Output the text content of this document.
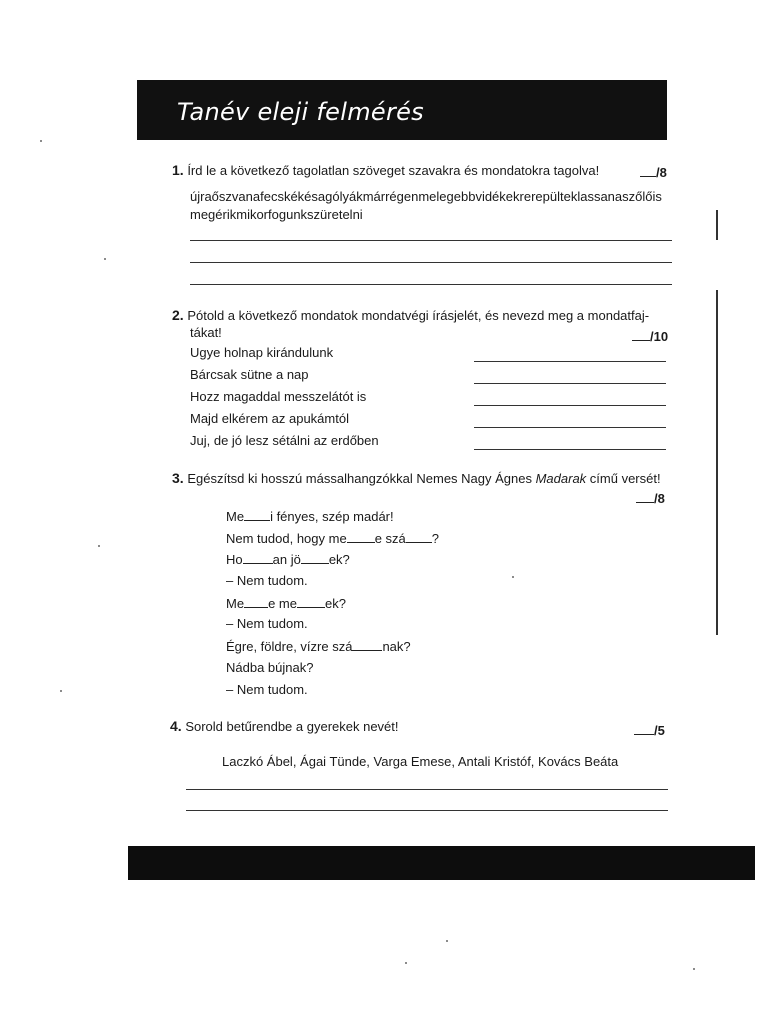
Tanév eleji felmérés
1. Írd le a következő tagolatlan szöveget szavakra és mondatokra tagolva!	/8
újraőszvanafecskékésagólyákmárrégenmelegebbvidékekrerepülteklassanaszőlőis
megérikmikorfogunkszüretelni
2. Pótold a következő mondatok mondatvégi írásjelét, és nevezd meg a mondatfaj-
tákat!	/10
Ugye holnap kirándulunk
Bárcsak sütne a nap
Hozz magaddal messzelátót is
Majd elkérem az apukámtól
Juj, de jó lesz sétálni az erdőben
3. Egészítsd ki hosszú mássalhangzókkal Nemes Nagy Ágnes Madarak című versét!
/8
Me i fényes, szép madár!
Nem tudod, hogy me e szá ?
Ho an jö ek?
– Nem tudom.
Me e me ek?
– Nem tudom.
Égre, földre, vízre szá nak?
Nádba bújnak?
– Nem tudom.
4. Sorold betűrendbe a gyerekek nevét!	/5
Laczkó Ábel, Ágai Tünde, Varga Emese, Antali Kristóf, Kovács Beáta
